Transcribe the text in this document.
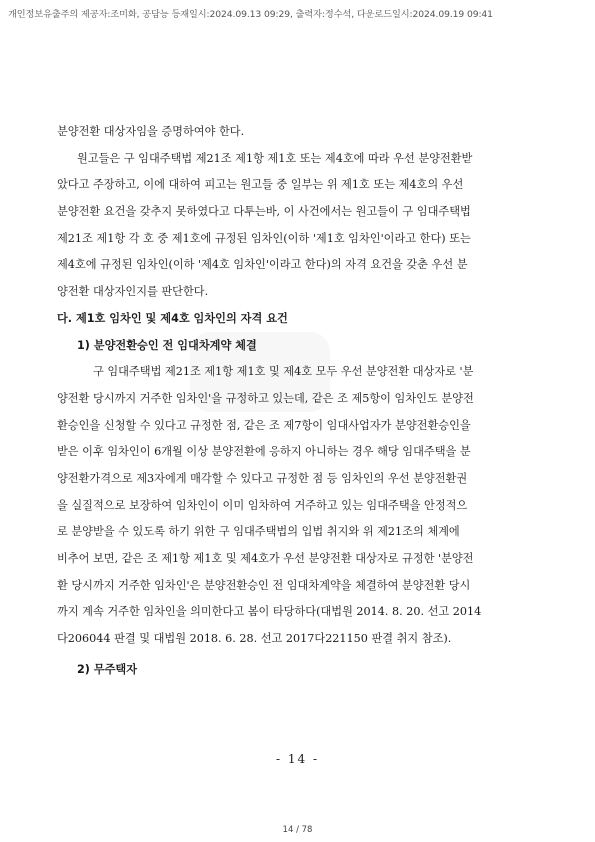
개인정보유출주의 제공자:조미화, 공담능 등재일시:2024.09.13 09:29, 출력자:정수석, 다운로드일시:2024.09.19 09:41
분양전환 대상자임을 증명하여야 한다.
원고들은 구 임대주택법 제21조 제1항 제1호 또는 제4호에 따라 우선 분양전환받
았다고 주장하고, 이에 대하여 피고는 원고들 중 일부는 위 제1호 또는 제4호의 우선
분양전환 요건을 갖추지 못하였다고 다투는바, 이 사건에서는 원고들이 구 임대주택법
제21조 제1항 각 호 중 제1호에 규정된 임차인(이하 '제1호 임차인'이라고 한다) 또는
제4호에 규정된 임차인(이하 '제4호 임차인'이라고 한다)의 자격 요건을 갖춘 우선 분
양전환 대상자인지를 판단한다.
다. 제1호 임차인 및 제4호 임차인의 자격 요건
1) 분양전환승인 전 임대차계약 체결
구 임대주택법 제21조 제1항 제1호 및 제4호 모두 우선 분양전환 대상자로 '분
양전환 당시까지 거주한 임차인'을 규정하고 있는데, 같은 조 제5항이 임차인도 분양전
환승인을 신청할 수 있다고 규정한 점, 같은 조 제7항이 임대사업자가 분양전환승인을
받은 이후 임차인이 6개월 이상 분양전환에 응하지 아니하는 경우 해당 임대주택을 분
양전환가격으로 제3자에게 매각할 수 있다고 규정한 점 등 임차인의 우선 분양전환권
을 실질적으로 보장하여 임차인이 이미 임차하여 거주하고 있는 임대주택을 안정적으
로 분양받을 수 있도록 하기 위한 구 임대주택법의 입법 취지와 위 제21조의 체계에
비추어 보면, 같은 조 제1항 제1호 및 제4호가 우선 분양전환 대상자로 규정한 '분양전
환 당시까지 거주한 임차인'은 분양전환승인 전 임대차계약을 체결하여 분양전환 당시
까지 계속 거주한 임차인을 의미한다고 봄이 타당하다(대법원 2014. 8. 20. 선고 2014
다206044 판결 및 대법원 2018. 6. 28. 선고 2017다221150 판결 취지 참조).
2) 무주택자
- 14 -
14 / 78
